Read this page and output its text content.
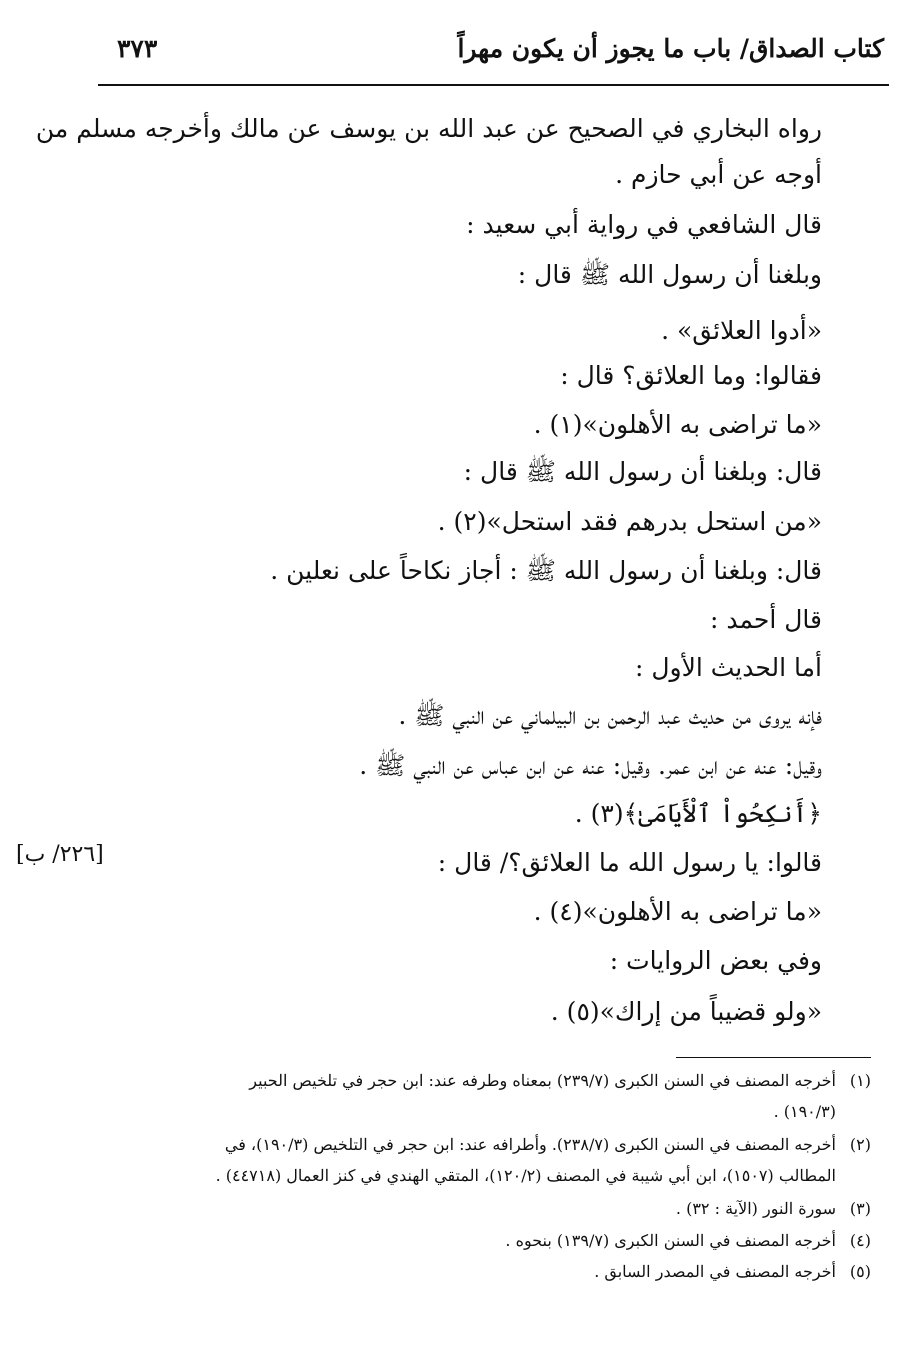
كتاب الصداق/ باب ما يجوز أن يكون مهراً
٣٧٣
رواه البخاري في الصحيح عن عبد الله بن يوسف عن مالك وأخرجه مسلم من
أوجه عن أبي حازم .
قال الشافعي في رواية أبي سعيد :
وبلغنا أن رسول الله ﷺ قال :
«أدوا العلائق» .
فقالوا: وما العلائق؟ قال :
«ما تراضى به الأهلون»(١) .
قال: وبلغنا أن رسول الله ﷺ قال :
«من استحل بدرهم فقد استحل»(٢) .
قال: وبلغنا أن رسول الله ﷺ : أجاز نكاحاً على نعلين .
قال أحمد :
أما الحديث الأول :
فإنه يروى من حديث عبد الرحمن بن البيلماني عن النبي ﷺ .
وقيل: عنه عن ابن عمر. وقيل: عنه عن ابن عباس عن النبي ﷺ .
﴿أَنكِحُواْ ٱلْأَيَامَىٰ﴾(٣) .
قالوا: يا رسول الله ما العلائق؟/ قال :
«ما تراضى به الأهلون»(٤) .
وفي بعض الروايات :
«ولو قضيباً من إراك»(٥) .
[٢٢٦/ ب]
(١)أخرجه المصنف في السنن الكبرى (٢٣٩/٧) بمعناه وطرفه عند: ابن حجر في تلخيص الحبير
(١٩٠/٣) .
(٢)أخرجه المصنف في السنن الكبرى (٢٣٨/٧). وأطرافه عند: ابن حجر في التلخيص (١٩٠/٣)، في
المطالب (١٥٠٧)، ابن أبي شيبة في المصنف (١٢٠/٢)، المتقي الهندي في كنز العمال (٤٤٧١٨) .
(٣)سورة النور (الآية : ٣٢) .
(٤)أخرجه المصنف في السنن الكبرى (١٣٩/٧) بنحوه .
(٥)أخرجه المصنف في المصدر السابق .
